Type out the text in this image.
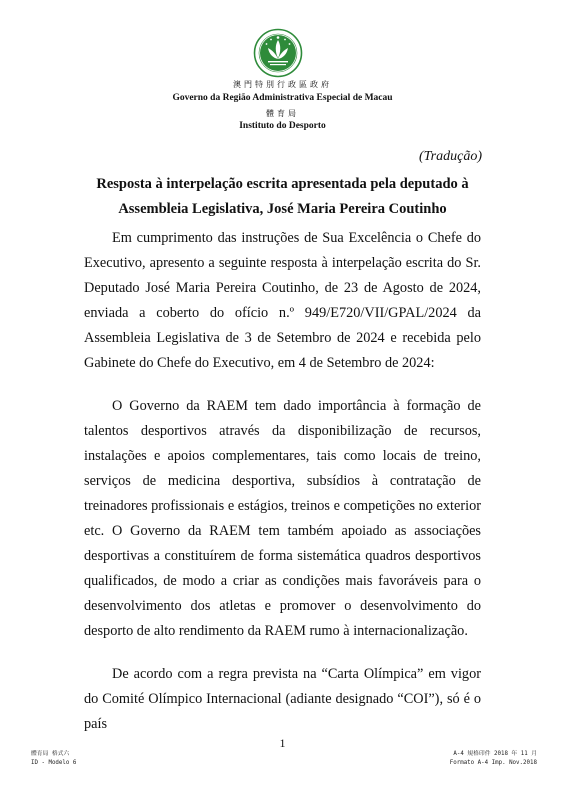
澳門特別行政區政府

Governo da Região Administrativa Especial de Macau

體育局

Instituto do Desporto

(Tradução)

Resposta à interpelação escrita apresentada pela deputado à
Assembleia Legislativa, José Maria Pereira Coutinho

Em cumprimento das instruções de Sua Excelência o Chefe do Executivo, apresento a seguinte resposta à interpelação escrita do Sr. Deputado José Maria Pereira Coutinho, de 23 de Agosto de 2024, enviada a coberto do ofício n.º 949/E720/VII/GPAL/2024 da Assembleia Legislativa de 3 de Setembro de 2024 e recebida pelo Gabinete do Chefe do Executivo, em 4 de Setembro de 2024:

O Governo da RAEM tem dado importância à formação de talentos desportivos através da disponibilização de recursos, instalações e apoios complementares, tais como locais de treino, serviços de medicina desportiva, subsídios à contratação de treinadores profissionais e estágios, treinos e competições no exterior etc. O Governo da RAEM tem também apoiado as associações desportivas a constituírem de forma sistemática quadros desportivos qualificados, de modo a criar as condições mais favoráveis para o desenvolvimento dos atletas e promover o desenvolvimento do desporto de alto rendimento da RAEM rumo à internacionalização.

De acordo com a regra prevista na “Carta Olímpica” em vigor do Comité Olímpico Internacional (adiante designado “COI”), só é o país

1

體育局 格式六
ID - Modelo 6
A-4 規格印件 2018 年 11 月
Formato A-4 Imp. Nov.2018
